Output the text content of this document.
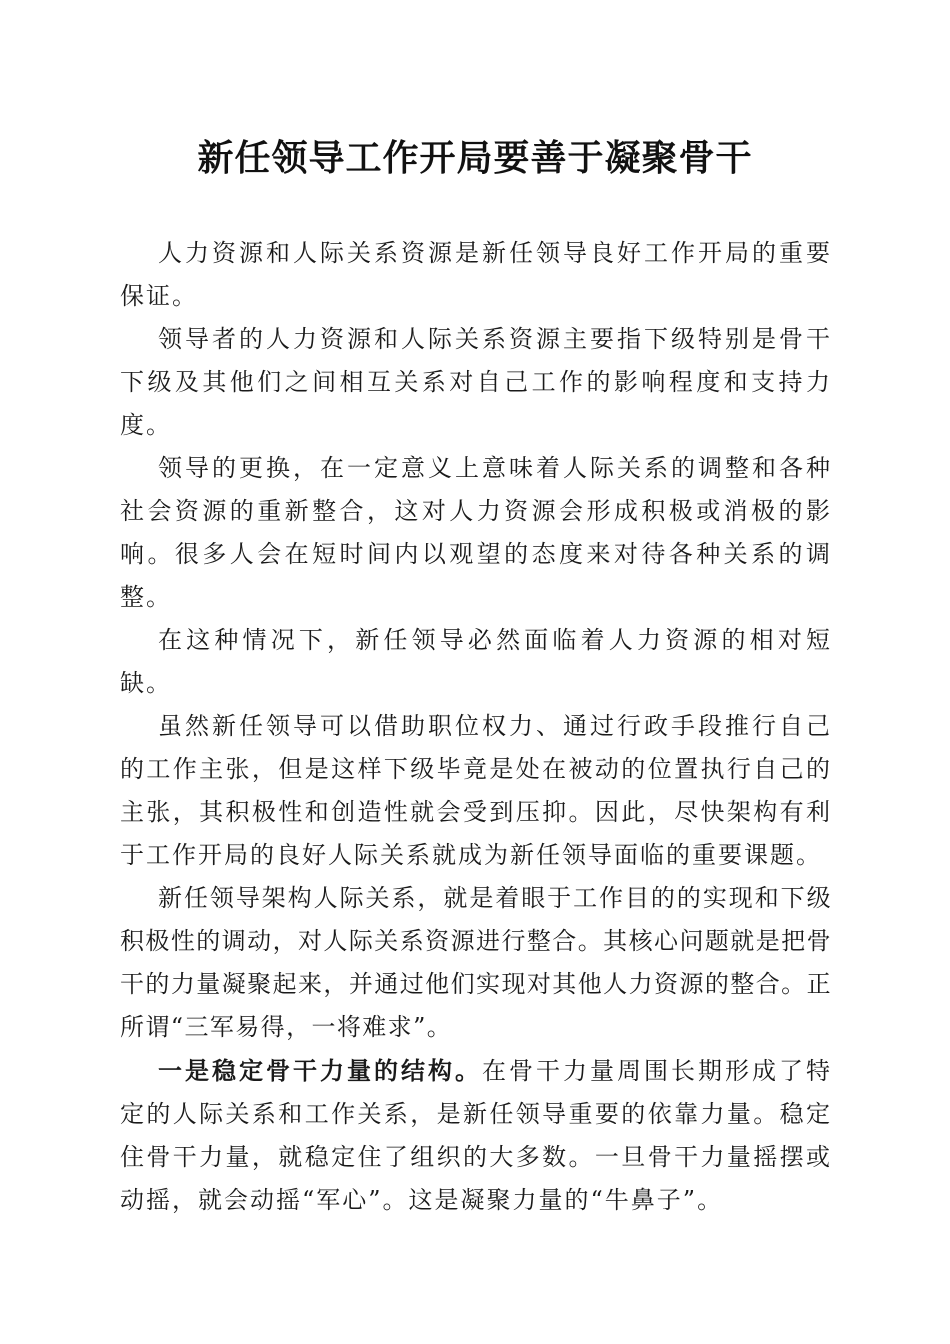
新任领导工作开局要善于凝聚骨干

人力资源和人际关系资源是新任领导良好工作开局的重要保证。

领导者的人力资源和人际关系资源主要指下级特别是骨干下级及其他们之间相互关系对自己工作的影响程度和支持力度。

领导的更换，在一定意义上意味着人际关系的调整和各种社会资源的重新整合，这对人力资源会形成积极或消极的影响。很多人会在短时间内以观望的态度来对待各种关系的调整。

在这种情况下，新任领导必然面临着人力资源的相对短缺。

虽然新任领导可以借助职位权力、通过行政手段推行自己的工作主张，但是这样下级毕竟是处在被动的位置执行自己的主张，其积极性和创造性就会受到压抑。因此，尽快架构有利于工作开局的良好人际关系就成为新任领导面临的重要课题。

新任领导架构人际关系，就是着眼于工作目的的实现和下级积极性的调动，对人际关系资源进行整合。其核心问题就是把骨干的力量凝聚起来，并通过他们实现对其他人力资源的整合。正所谓“三军易得，一将难求”。

一是稳定骨干力量的结构。在骨干力量周围长期形成了特定的人际关系和工作关系，是新任领导重要的依靠力量。稳定住骨干力量，就稳定住了组织的大多数。一旦骨干力量摇摆或动摇，就会动摇“军心”。这是凝聚力量的“牛鼻子”。
